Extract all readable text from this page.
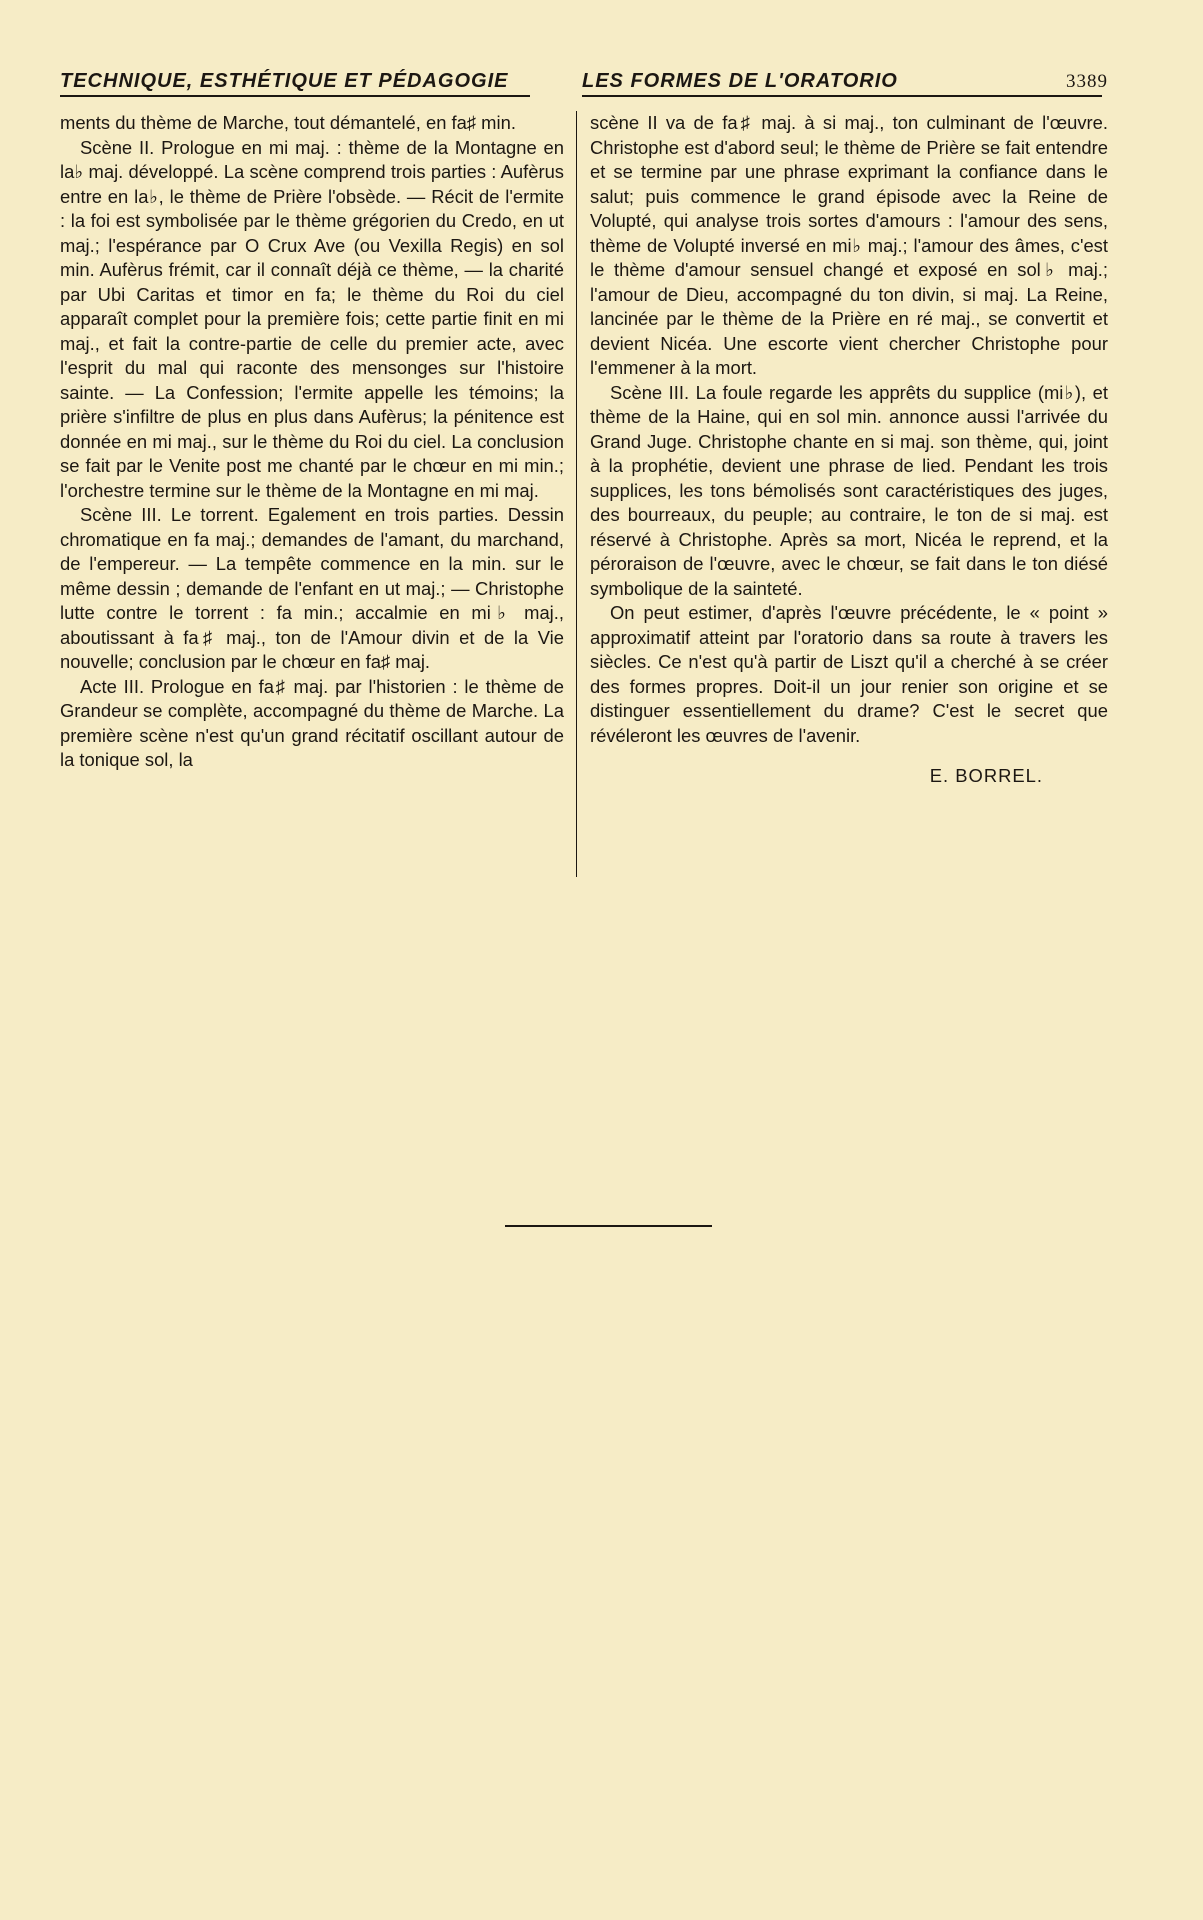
TECHNIQUE, ESTHÉTIQUE ET PÉDAGOGIE	LES FORMES DE L'ORATORIO	3389

ments du thème de Marche, tout démantelé, en fa♯ min.

Scène II. Prologue en mi maj. : thème de la Montagne en la♭ maj. développé. La scène comprend trois parties : Aufèrus entre en la♭, le thème de Prière l'obsède. — Récit de l'ermite : la foi est symbolisée par le thème grégorien du Credo, en ut maj.; l'espérance par O Crux Ave (ou Vexilla Regis) en sol min. Aufèrus frémit, car il connaît déjà ce thème, — la charité par Ubi Caritas et timor en fa; le thème du Roi du ciel apparaît complet pour la première fois; cette partie finit en mi maj., et fait la contre-partie de celle du premier acte, avec l'esprit du mal qui raconte des mensonges sur l'histoire sainte. — La Confession; l'ermite appelle les témoins; la prière s'infiltre de plus en plus dans Aufèrus; la pénitence est donnée en mi maj., sur le thème du Roi du ciel. La conclusion se fait par le Venite post me chanté par le chœur en mi min.; l'orchestre termine sur le thème de la Montagne en mi maj.

Scène III. Le torrent. Egalement en trois parties. Dessin chromatique en fa maj.; demandes de l'amant, du marchand, de l'empereur. — La tempête commence en la min. sur le même dessin ; demande de l'enfant en ut maj.; — Christophe lutte contre le torrent : fa min.; accalmie en mi♭ maj., aboutissant à fa♯ maj., ton de l'Amour divin et de la Vie nouvelle; conclusion par le chœur en fa♯ maj.

Acte III. Prologue en fa♯ maj. par l'historien : le thème de Grandeur se complète, accompagné du thème de Marche. La première scène n'est qu'un grand récitatif oscillant autour de la tonique sol, la

scène II va de fa♯ maj. à si maj., ton culminant de l'œuvre. Christophe est d'abord seul; le thème de Prière se fait entendre et se termine par une phrase exprimant la confiance dans le salut; puis commence le grand épisode avec la Reine de Volupté, qui analyse trois sortes d'amours : l'amour des sens, thème de Volupté inversé en mi♭ maj.; l'amour des âmes, c'est le thème d'amour sensuel changé et exposé en sol♭ maj.; l'amour de Dieu, accompagné du ton divin, si maj. La Reine, lancinée par le thème de la Prière en ré maj., se convertit et devient Nicéa. Une escorte vient chercher Christophe pour l'emmener à la mort.

Scène III. La foule regarde les apprêts du supplice (mi♭), et thème de la Haine, qui en sol min. annonce aussi l'arrivée du Grand Juge. Christophe chante en si maj. son thème, qui, joint à la prophétie, devient une phrase de lied. Pendant les trois supplices, les tons bémolisés sont caractéristiques des juges, des bourreaux, du peuple; au contraire, le ton de si maj. est réservé à Christophe. Après sa mort, Nicéa le reprend, et la péroraison de l'œuvre, avec le chœur, se fait dans le ton diésé symbolique de la sainteté.

On peut estimer, d'après l'œuvre précédente, le « point » approximatif atteint par l'oratorio dans sa route à travers les siècles. Ce n'est qu'à partir de Liszt qu'il a cherché à se créer des formes propres. Doit-il un jour renier son origine et se distinguer essentiellement du drame? C'est le secret que révéleront les œuvres de l'avenir.

E. BORREL.
